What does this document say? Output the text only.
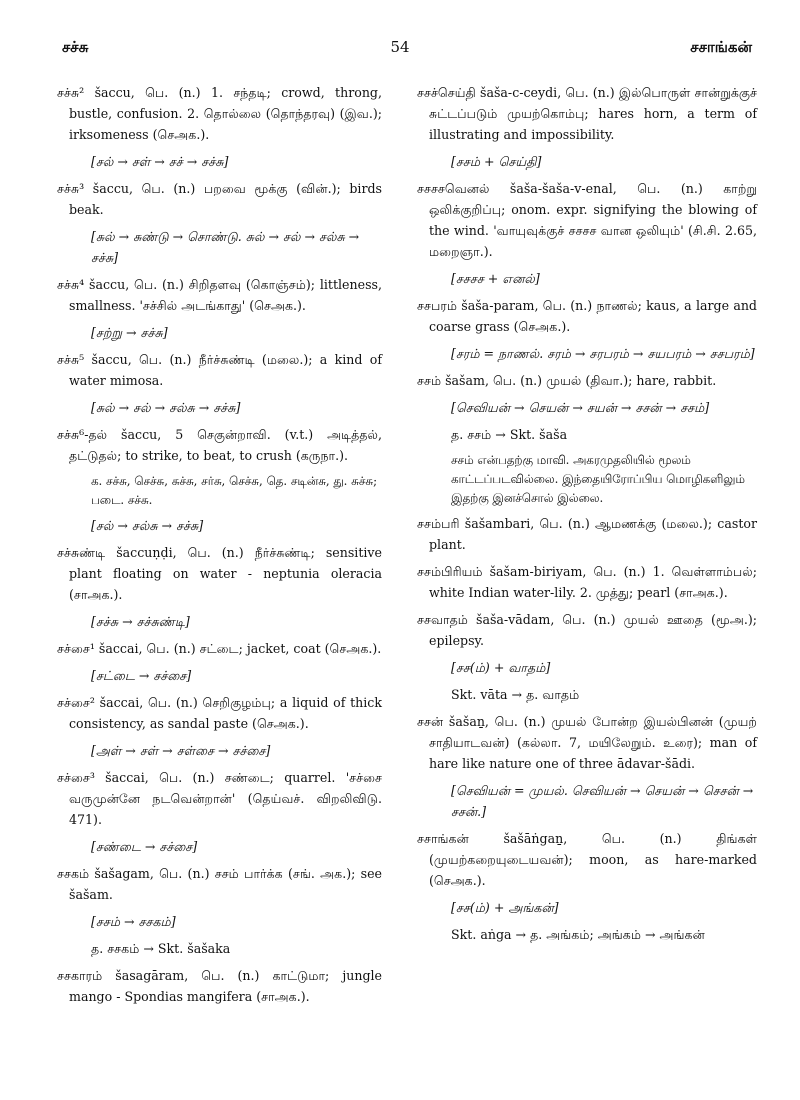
சச்சு	54	சசாங்கன்
சச்சு² šaccu, பெ. (n.) 1. சந்தடி; crowd, throng, bustle, confusion. 2. தொல்லை (தொந்தரவு) (இவ.); irksomeness (செஅக.).
[சல் → சள் → சச் → சச்சு]
சச்சு³ šaccu, பெ. (n.) பறவை மூக்கு (வின்.); birds beak.
[சுல் → சுண்டு → சொண்டு. சுல் → சல் → சல்சு → சச்சு]
சச்சு⁴ šaccu, பெ. (n.) சிறிதளவு (கொஞ்சம்); littleness, smallness. 'சச்சில் அடங்காது' (செஅக.).
[சற்று → சச்சு]
சச்சு⁵ šaccu, பெ. (n.) நீர்ச்சுண்டி (மலை.); a kind of water mimosa.
[சுல் → சல் → சல்சு → சச்சு]
சச்சு⁶-தல் šaccu, 5 செகுன்றாவி. (v.t.) அடித்தல், தட்டுதல்; to strike, to beat, to crush (கருநா.).
க. சச்சு, செச்சு, சுச்சு, சர்சு, செச்சு, தெ. சடின்சு, து. சுச்சு; படை. சச்சு.
[சல் → சல்சு → சச்சு]
சச்சுண்டி šaccuṇḍi, பெ. (n.) நீர்ச்சுண்டி; sensitive plant floating on water - neptunia oleracia (சாஅக.).
[சச்சு → சச்சுண்டி]
சச்சை¹ šaccai, பெ. (n.) சட்டை; jacket, coat (செஅக.).
[சட்டை → சச்சை]
சச்சை² šaccai, பெ. (n.) செறிகுழம்பு; a liquid of thick consistency, as sandal paste (செஅக.).
[அள் → சள் → சள்சை → சச்சை]
சச்சை³ šaccai, பெ. (n.) சண்டை; quarrel. 'சச்சை வருமுன்னே நடவென்றான்' (தெய்வச். விறலிவிடு. 471).
[சண்டை → சச்சை]
சசகம் šašagam, பெ. (n.) சசம் பார்க்க (சங். அக.); see šašam.
[சசம் → சசகம்]
த. சசகம் → Skt. šašaka
சசகாரம் šasagāram, பெ. (n.) காட்டுமா; jungle mango - Spondias mangifera (சாஅக.).
சசச்செய்தி šaša-c-ceydi, பெ. (n.) இல்பொருள் சான்றுக்குச் சுட்டப்படும் முயற்கொம்பு; hares horn, a term of illustrating and impossibility.
[சசம் + செய்தி]
சசசசவெனல் šaša-šaša-v-enal, பெ. (n.) காற்று ஒலிக்குறிப்பு; onom. expr. signifying the blowing of the wind. 'வாயுவுக்குச் சசசச வான ஒலியும்' (சி.சி. 2.65, மறைஞா.).
[சசசச + எனல்]
சசபரம் šaša-param, பெ. (n.) நாணல்; kaus, a large and coarse grass (செஅக.).
[சரம் = நாணல். சரம் → சரபரம் → சயபரம் → சசபரம்]
சசம் šašam, பெ. (n.) முயல் (திவா.); hare, rabbit.
[செவியன் → செயன் → சயன் → சசன் → சசம்]
த. சசம் → Skt. šaša
சசம் என்பதற்கு மாவி. அகரமுதலியில் மூலம் காட்டப்படவில்லை. இந்தையிரோப்பிய மொழிகளிலும் இதற்கு இனச்சொல் இல்லை.
சசம்பரி šašambari, பெ. (n.) ஆமணக்கு (மலை.); castor plant.
சசம்பிரியம் šašam-biriyam, பெ. (n.) 1. வெள்ளாம்பல்; white Indian water-lily. 2. முத்து; pearl (சாஅக.).
சசவாதம் šaša-vādam, பெ. (n.) முயல் ஊதை (மூஅ.); epilepsy.
[சச(ம்) + வாதம்]
Skt. vāta → த. வாதம்
சசன் šašaṉ, பெ. (n.) முயல் போன்ற இயல்பினன் (முயற் சாதியாடவன்) (கல்லா. 7, மயிலேறும். உரை); man of hare like nature one of three ādavar-šādi.
[செவியன் = முயல். செவியன் → செயன் → செசன் → சசன்.]
சசாங்கன் šašāṅgaṉ, பெ. (n.) திங்கள் (முயற்கறையுடையவன்); moon, as hare-marked (செஅக.).
[சச(ம்) + அங்கன்]
Skt. aṅga → த. அங்கம்; அங்கம் → அங்கன்
